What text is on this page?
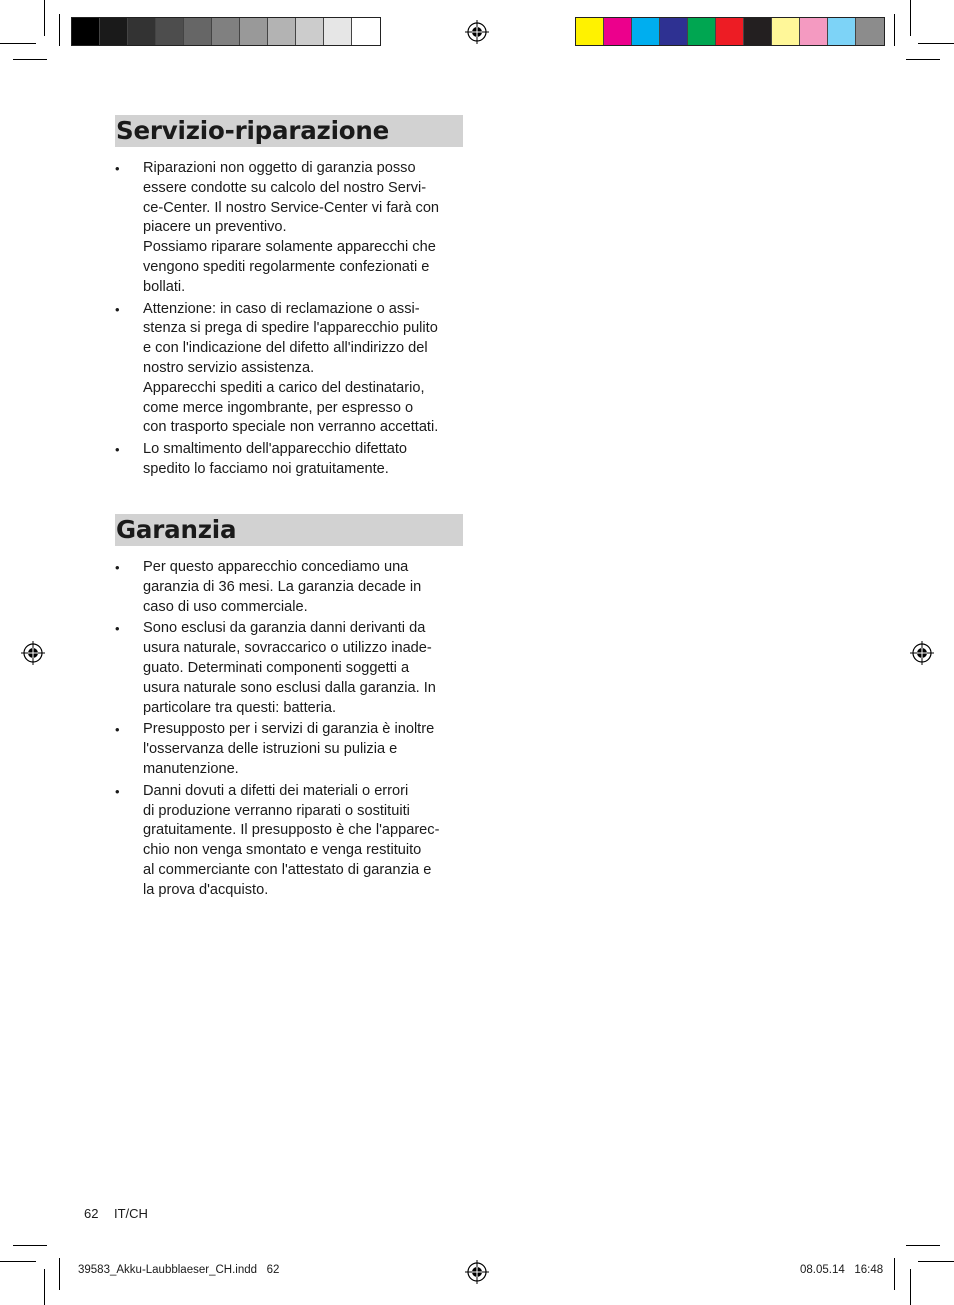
Servizio-riparazione
• Riparazioni non oggetto di garanzia posso
essere condotte su calcolo del nostro Servi-
ce-Center. Il nostro Service-Center vi farà con
piacere un preventivo.
Possiamo riparare solamente apparecchi che
vengono spediti regolarmente confezionati e
bollati.
• Attenzione: in caso di reclamazione o assi-
stenza si prega di spedire l'apparecchio pulito
e con l'indicazione del difetto all'indirizzo del
nostro servizio assistenza.
Apparecchi spediti a carico del destinatario,
come merce ingombrante, per espresso o
con trasporto speciale non verranno accettati.
• Lo smaltimento dell'apparecchio difettato
spedito lo facciamo noi gratuitamente.
Garanzia
• Per questo apparecchio concediamo una
garanzia di 36 mesi. La garanzia decade in
caso di uso commerciale.
• Sono esclusi da garanzia danni derivanti da
usura naturale, sovraccarico o utilizzo inade-
guato. Determinati componenti soggetti a
usura naturale sono esclusi dalla garanzia. In
particolare tra questi: batteria.
• Presupposto per i servizi di garanzia è inoltre
l'osservanza delle istruzioni su pulizia e
manutenzione.
• Danni dovuti a difetti dei materiali o errori
di produzione verranno riparati o sostituiti
gratuitamente. Il presupposto è che l'apparec-
chio non venga smontato e venga restituito
al commerciante con l'attestato di garanzia e
la prova d'acquisto.
62 IT/CH
39583_Akku-Laubblaeser_CH.indd   62	08.05.14   16:48
